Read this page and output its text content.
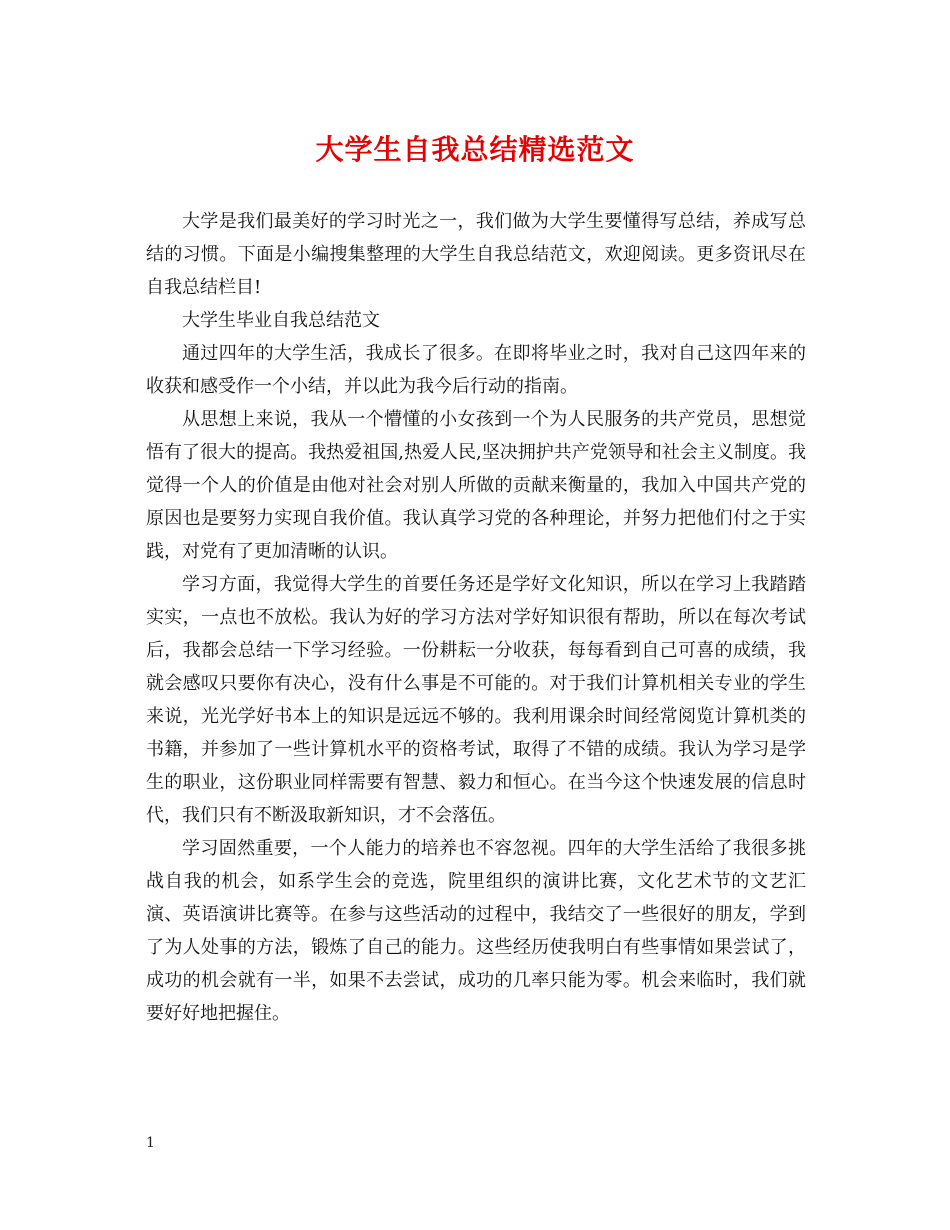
大学生自我总结精选范文

大学是我们最美好的学习时光之一，我们做为大学生要懂得写总结，养成写总结的习惯。下面是小编搜集整理的大学生自我总结范文，欢迎阅读。更多资讯尽在自我总结栏目!

大学生毕业自我总结范文

通过四年的大学生活，我成长了很多。在即将毕业之时，我对自己这四年来的收获和感受作一个小结，并以此为我今后行动的指南。

从思想上来说，我从一个懵懂的小女孩到一个为人民服务的共产党员，思想觉悟有了很大的提高。我热爱祖国,热爱人民,坚决拥护共产党领导和社会主义制度。我觉得一个人的价值是由他对社会对别人所做的贡献来衡量的，我加入中国共产党的原因也是要努力实现自我价值。我认真学习党的各种理论，并努力把他们付之于实践，对党有了更加清晰的认识。

学习方面，我觉得大学生的首要任务还是学好文化知识，所以在学习上我踏踏实实，一点也不放松。我认为好的学习方法对学好知识很有帮助，所以在每次考试后，我都会总结一下学习经验。一份耕耘一分收获，每每看到自己可喜的成绩，我就会感叹只要你有决心，没有什么事是不可能的。对于我们计算机相关专业的学生来说，光光学好书本上的知识是远远不够的。我利用课余时间经常阅览计算机类的书籍，并参加了一些计算机水平的资格考试，取得了不错的成绩。我认为学习是学生的职业，这份职业同样需要有智慧、毅力和恒心。在当今这个快速发展的信息时代，我们只有不断汲取新知识，才不会落伍。

学习固然重要，一个人能力的培养也不容忽视。四年的大学生活给了我很多挑战自我的机会，如系学生会的竞选，院里组织的演讲比赛，文化艺术节的文艺汇演、英语演讲比赛等。在参与这些活动的过程中，我结交了一些很好的朋友，学到了为人处事的方法，锻炼了自己的能力。这些经历使我明白有些事情如果尝试了，成功的机会就有一半，如果不去尝试，成功的几率只能为零。机会来临时，我们就要好好地把握住。

1
